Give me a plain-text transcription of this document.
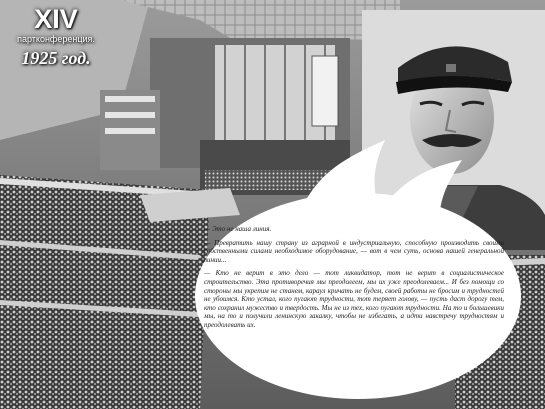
XIV
партконференция.
1925 год.

— Это не наша линия.

— Превратить нашу страну из аграрной в индустриальную, способную производить своими собственными силами необходимое оборудование, — вот в чем суть, основа нашей генеральной линии...

— Кто не верит в это дело — тот ликвидатор, тот не верит в социалистическое строительство. Эта противоречия мы преодолеем, мы их уже преодолеваем... И без помощи со стороны мы укрепим не станем, караул кричать не будем, своей работы не бросим и трудностей не убоимся. Кто устал, кого пугают трудности, тот теряет голову, — пусть даст дорогу тем, кто сохранил мужество и твердость. Мы не из тех, кого пугают трудности. На то и большевики мы, на то и получили ленинскую закалку, чтобы не избегать, а идти навстречу трудностям и преодолевать их.
